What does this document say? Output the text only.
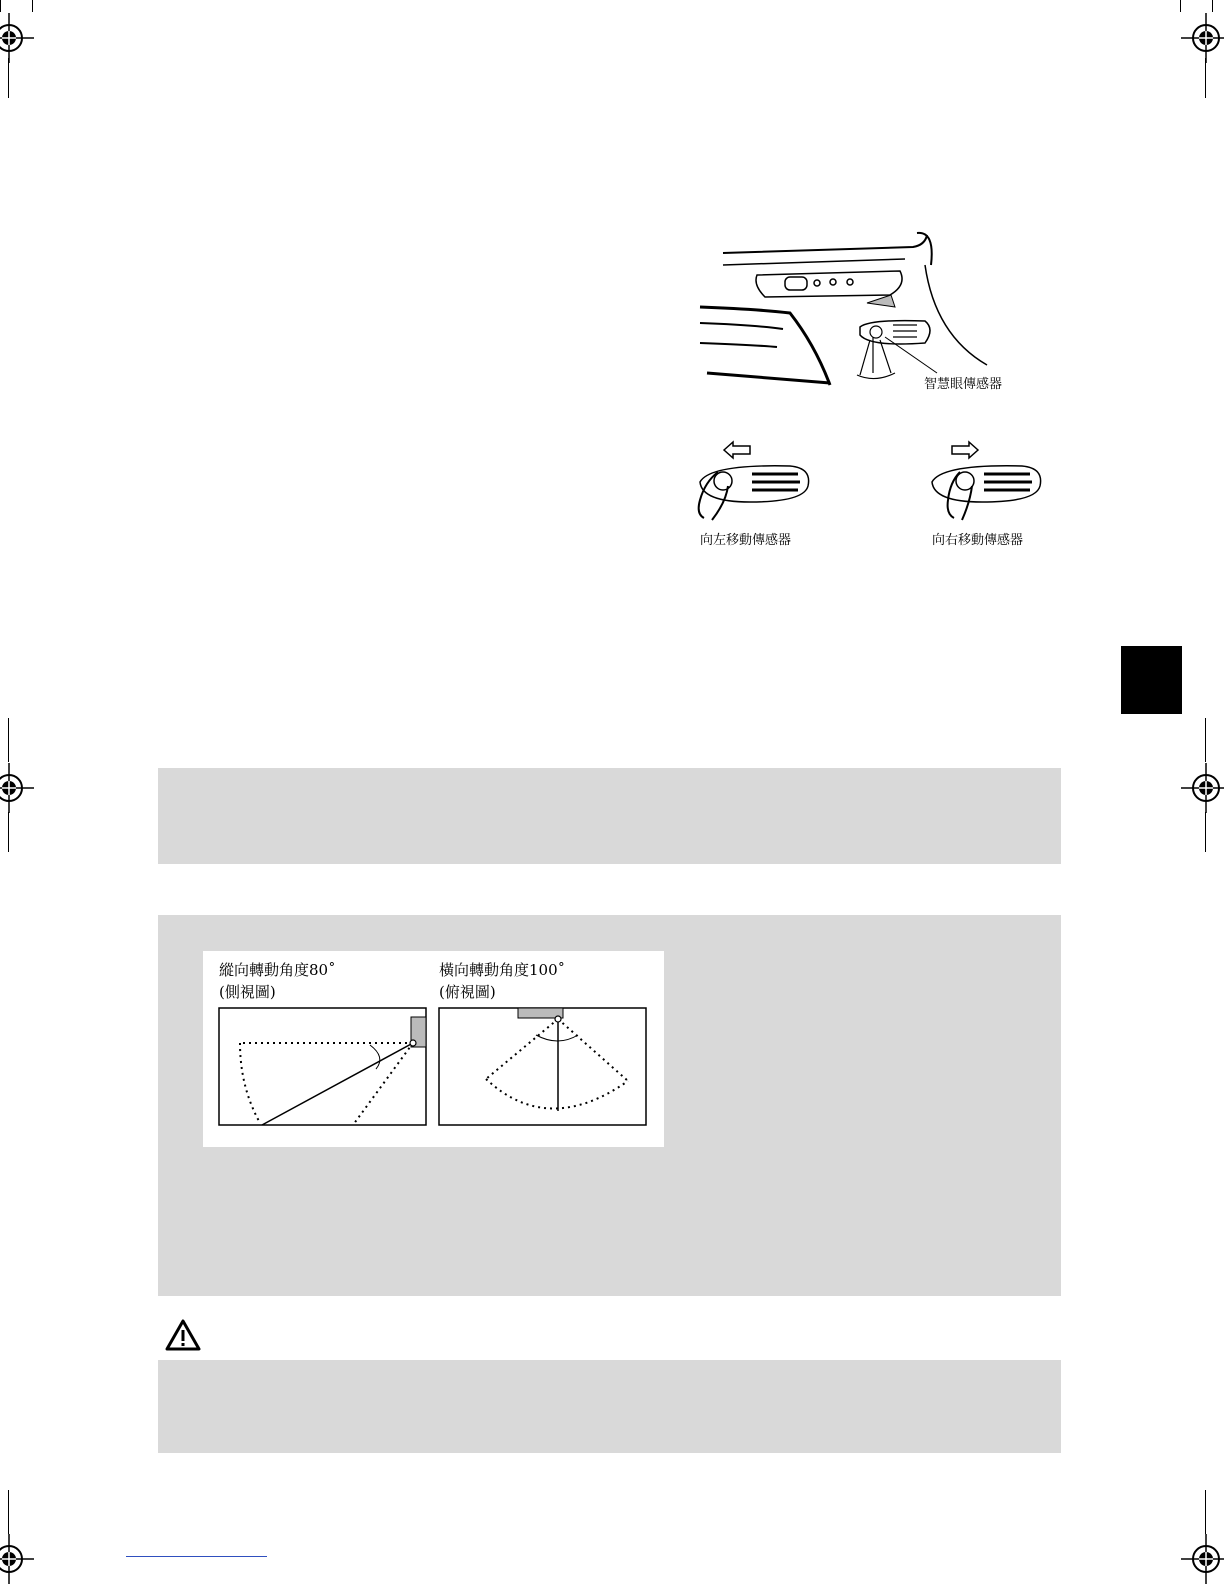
智慧眼傳感器
向左移動傳感器	向右移動傳感器
縱向轉動角度80˚
(側視圖)
橫向轉動角度100˚
(俯視圖)
